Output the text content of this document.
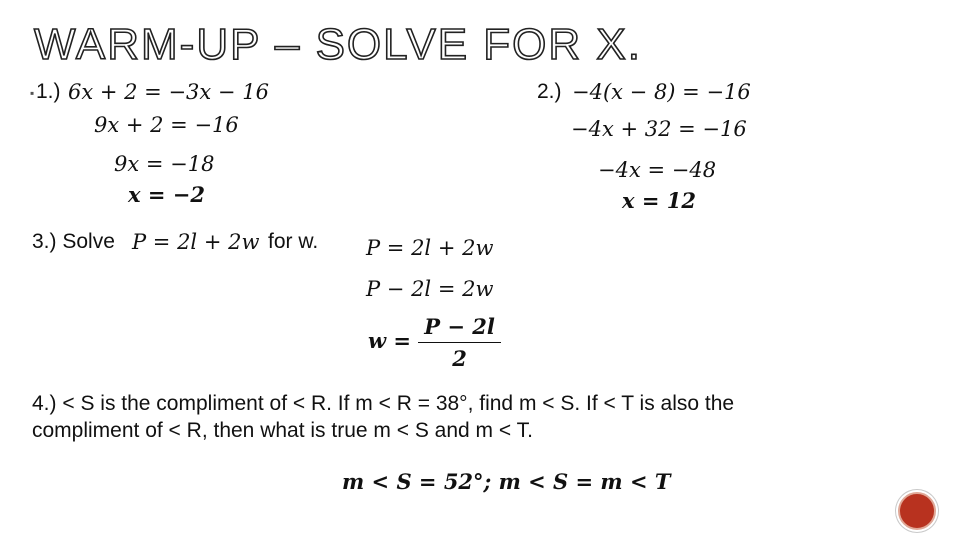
WARM-UP – SOLVE FOR X.
▪ 1.) 6x + 2 = −3x − 16
9x + 2 = −16
9x = −18
x = −2
2.) −4(x − 8) = −16
−4x + 32 = −16
−4x = −48
x = 12
3.) Solve P = 2l + 2w for w. P = 2l + 2w
P − 2l = 2w
$w = \frac{P - 2l}{2}$
4.) < S is the compliment of < R. If m < R = 38°, find m < S. If < T is also the
compliment of < R, then what is true m < S and m < T.
m < S = 52°; m < S = m < T
